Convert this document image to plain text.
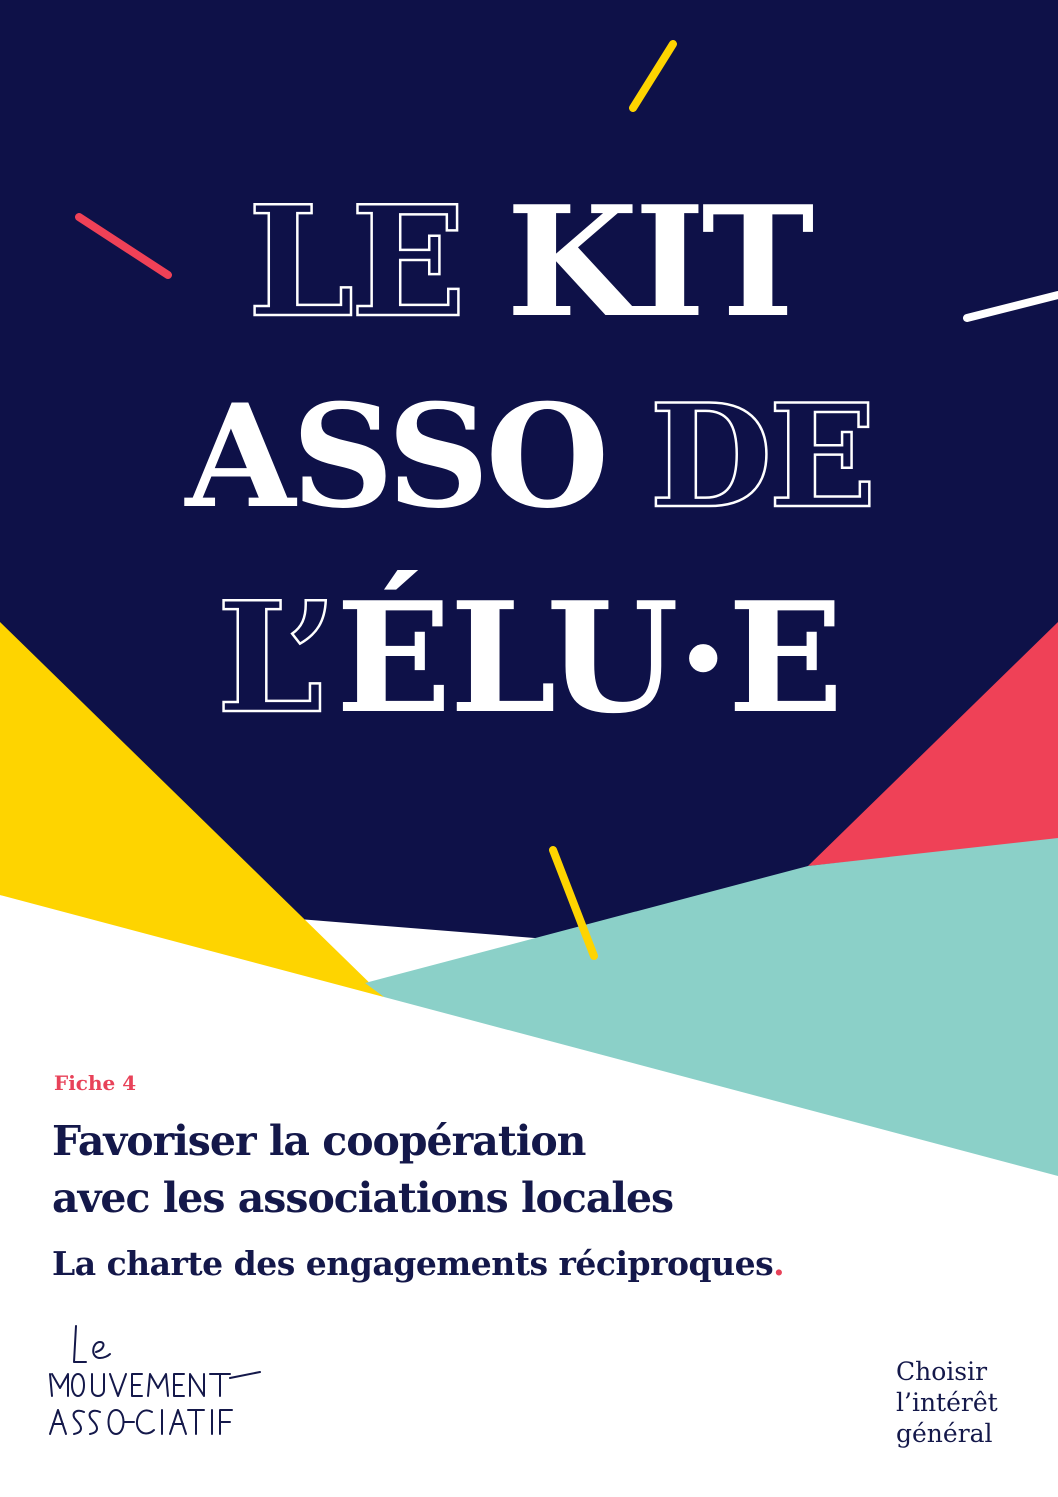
LE KIT
ASSO DE
L’ÉLU·E
Fiche 4
Favoriser la coopération
avec les associations locales
La charte des engagements réciproques.
Choisir
l’intérêt
général
